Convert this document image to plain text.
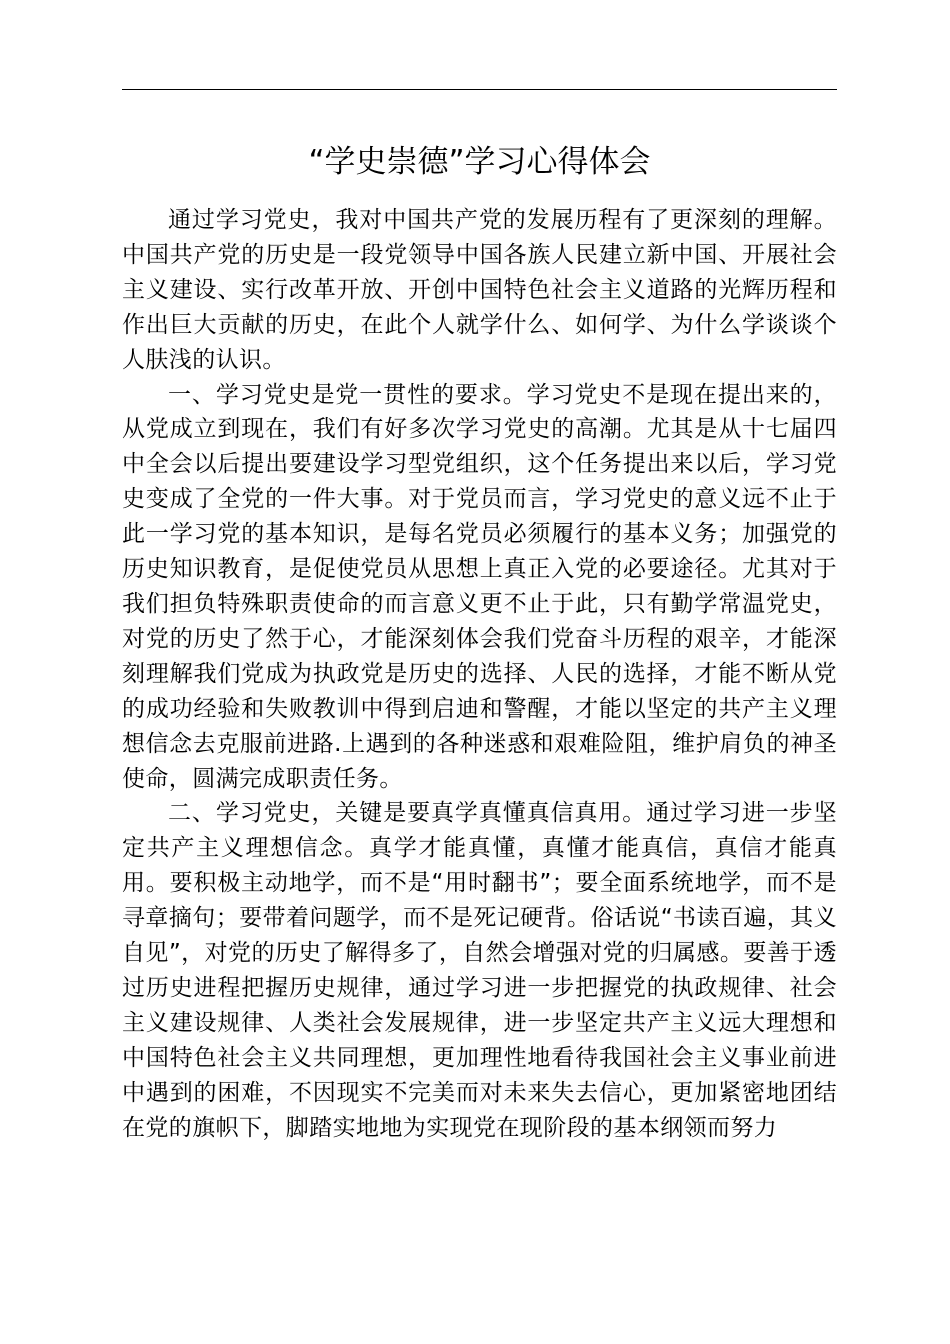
“学史崇德”学习心得体会

通过学习党史，我对中国共产党的发展历程有了更深刻的理解。中国共产党的历史是一段党领导中国各族人民建立新中国、开展社会主义建设、实行改革开放、开创中国特色社会主义道路的光辉历程和作出巨大贡献的历史，在此个人就学什么、如何学、为什么学谈谈个人肤浅的认识。

一、学习党史是党一贯性的要求。学习党史不是现在提出来的，从党成立到现在，我们有好多次学习党史的高潮。尤其是从十七届四中全会以后提出要建设学习型党组织，这个任务提出来以后，学习党史变成了全党的一件大事。对于党员而言，学习党史的意义远不止于此一学习党的基本知识，是每名党员必须履行的基本义务；加强党的历史知识教育，是促使党员从思想上真正入党的必要途径。尤其对于我们担负特殊职责使命的而言意义更不止于此，只有勤学常温党史，对党的历史了然于心，才能深刻体会我们党奋斗历程的艰辛，才能深刻理解我们党成为执政党是历史的选择、人民的选择，才能不断从党的成功经验和失败教训中得到启迪和警醒，才能以坚定的共产主义理想信念去克服前进路.上遇到的各种迷惑和艰难险阻，维护肩负的神圣使命，圆满完成职责任务。

二、学习党史，关键是要真学真懂真信真用。通过学习进一步坚定共产主义理想信念。真学才能真懂，真懂才能真信，真信才能真用。要积极主动地学，而不是“用时翻书”；要全面系统地学，而不是寻章摘句；要带着问题学，而不是死记硬背。俗话说“书读百遍，其义自见”，对党的历史了解得多了，自然会增强对党的归属感。要善于透过历史进程把握历史规律，通过学习进一步把握党的执政规律、社会主义建设规律、人类社会发展规律，进一步坚定共产主义远大理想和中国特色社会主义共同理想，更加理性地看待我国社会主义事业前进中遇到的困难，不因现实不完美而对未来失去信心，更加紧密地团结在党的旗帜下，脚踏实地地为实现党在现阶段的基本纲领而努力
